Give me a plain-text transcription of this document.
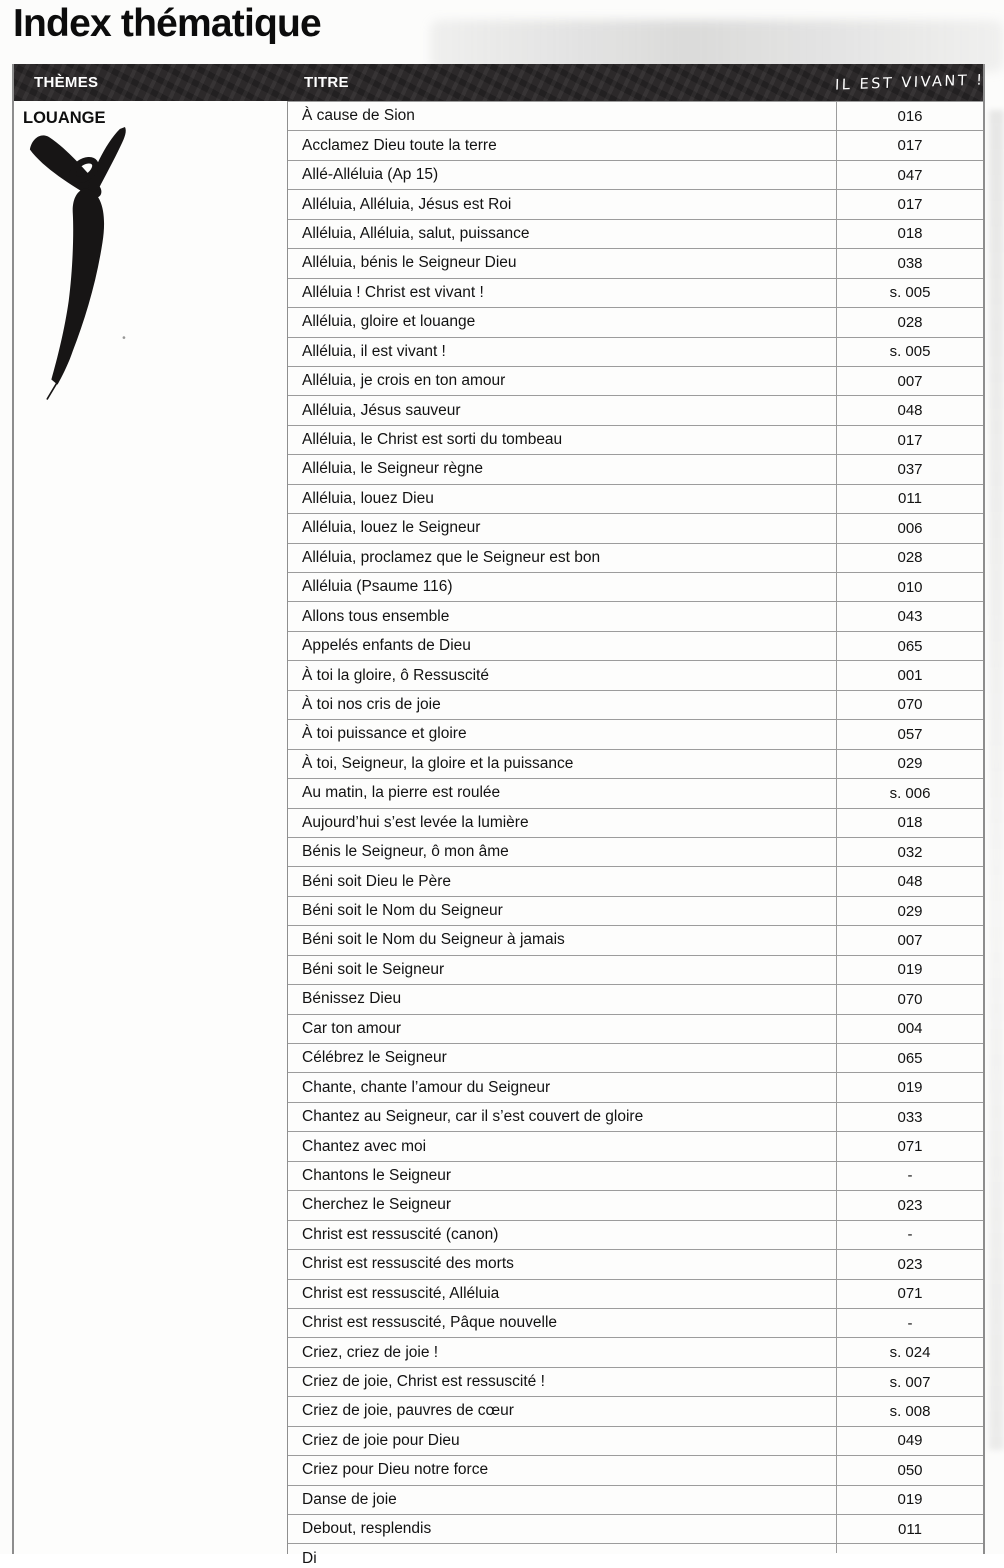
Index thématique
THÈMES	TITRE	IL EST VIVANT !
LOUANGE	À cause de Sion	016
Acclamez Dieu toute la terre	017
Allé-Alléluia (Ap 15)	047
Alléluia, Alléluia, Jésus est Roi	017
Alléluia, Alléluia, salut, puissance	018
Alléluia, bénis le Seigneur Dieu	038
Alléluia ! Christ est vivant !	s. 005
Alléluia, gloire et louange	028
Alléluia, il est vivant !	s. 005
Alléluia, je crois en ton amour	007
Alléluia, Jésus sauveur	048
Alléluia, le Christ est sorti du tombeau	017
Alléluia, le Seigneur règne	037
Alléluia, louez Dieu	011
Alléluia, louez le Seigneur	006
Alléluia, proclamez que le Seigneur est bon	028
Alléluia (Psaume 116)	010
Allons tous ensemble	043
Appelés enfants de Dieu	065
À toi la gloire, ô Ressuscité	001
À toi nos cris de joie	070
À toi puissance et gloire	057
À toi, Seigneur, la gloire et la puissance	029
Au matin, la pierre est roulée	s. 006
Aujourd’hui s’est levée la lumière	018
Bénis le Seigneur, ô mon âme	032
Béni soit Dieu le Père	048
Béni soit le Nom du Seigneur	029
Béni soit le Nom du Seigneur à jamais	007
Béni soit le Seigneur	019
Bénissez Dieu	070
Car ton amour	004
Célébrez le Seigneur	065
Chante, chante l’amour du Seigneur	019
Chantez au Seigneur, car il s’est couvert de gloire	033
Chantez avec moi	071
Chantons le Seigneur	-
Cherchez le Seigneur	023
Christ est ressuscité (canon)	-
Christ est ressuscité des morts	023
Christ est ressuscité, Alléluia	071
Christ est ressuscité, Pâque nouvelle	-
Criez, criez de joie !	s. 024
Criez de joie, Christ est ressuscité !	s. 007
Criez de joie, pauvres de cœur	s. 008
Criez de joie pour Dieu	049
Criez pour Dieu notre force	050
Danse de joie	019
Debout, resplendis	011
Di
